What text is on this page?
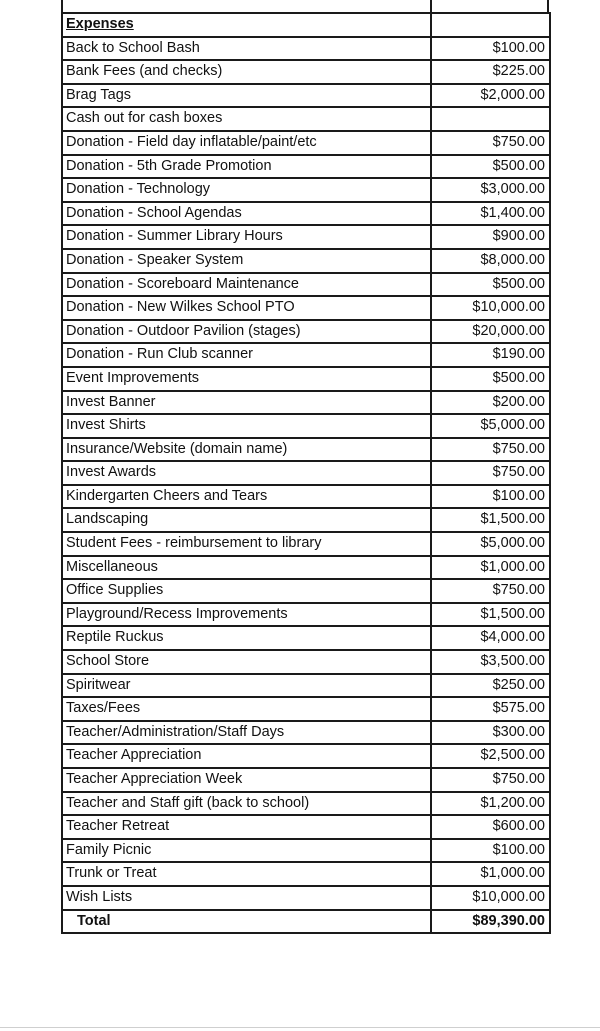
Expenses	
Back to School Bash	$100.00
Bank Fees (and checks)	$225.00
Brag Tags	$2,000.00
Cash out for cash boxes	
Donation - Field day inflatable/paint/etc	$750.00
Donation - 5th Grade Promotion	$500.00
Donation - Technology	$3,000.00
Donation - School Agendas	$1,400.00
Donation - Summer Library Hours	$900.00
Donation - Speaker System	$8,000.00
Donation - Scoreboard Maintenance	$500.00
Donation - New Wilkes School PTO	$10,000.00
Donation - Outdoor Pavilion (stages)	$20,000.00
Donation - Run Club scanner	$190.00
Event Improvements	$500.00
Invest Banner	$200.00
Invest Shirts	$5,000.00
Insurance/Website (domain name)	$750.00
Invest Awards	$750.00
Kindergarten Cheers and Tears	$100.00
Landscaping	$1,500.00
Student Fees - reimbursement to library	$5,000.00
Miscellaneous	$1,000.00
Office Supplies	$750.00
Playground/Recess Improvements	$1,500.00
Reptile Ruckus	$4,000.00
School Store	$3,500.00
Spiritwear	$250.00
Taxes/Fees	$575.00
Teacher/Administration/Staff Days	$300.00
Teacher Appreciation	$2,500.00
Teacher Appreciation Week	$750.00
Teacher and Staff gift (back to school)	$1,200.00
Teacher Retreat	$600.00
Family Picnic	$100.00
Trunk or Treat	$1,000.00
Wish Lists	$10,000.00
Total	$89,390.00
